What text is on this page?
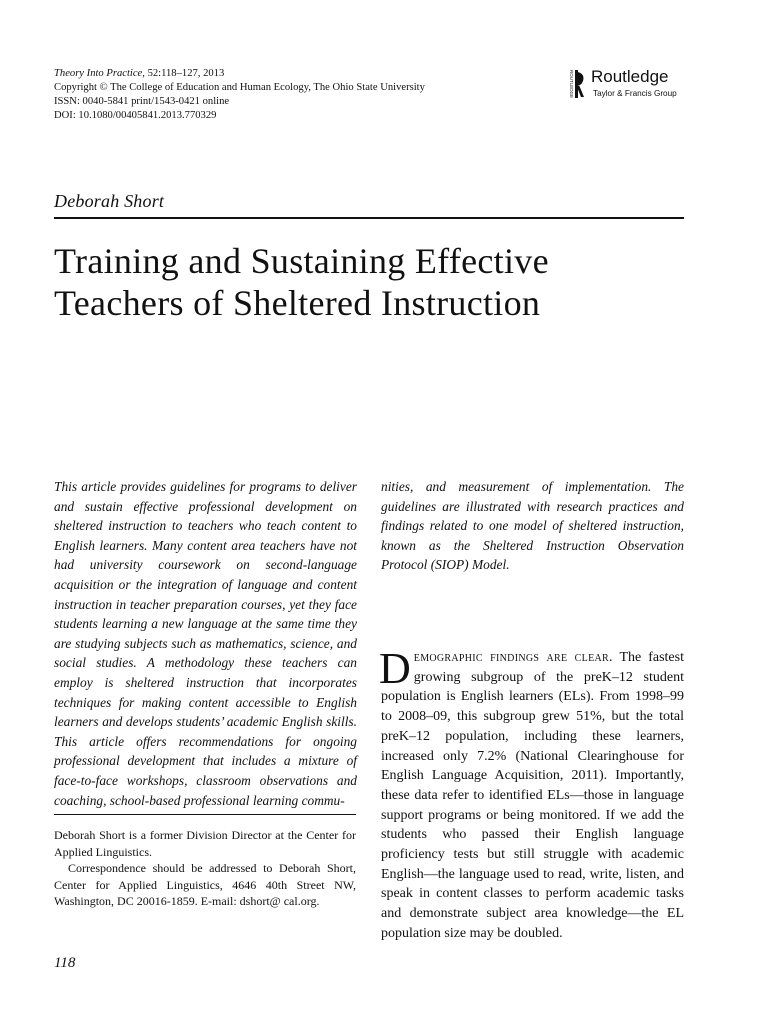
Theory Into Practice, 52:118–127, 2013
Copyright © The College of Education and Human Ecology, The Ohio State University
ISSN: 0040-5841 print/1543-0421 online
DOI: 10.1080/00405841.2013.770329
ROUTLEDGE Routledge
Taylor & Francis Group
Deborah Short
Training and Sustaining Effective
Teachers of Sheltered Instruction

This article provides guidelines for programs to deliver and sustain effective professional development on sheltered instruction to teachers who teach content to English learners. Many content area teachers have not had university coursework on second-language acquisition or the integration of language and content instruction in teacher preparation courses, yet they face students learning a new language at the same time they are studying subjects such as mathematics, science, and social studies. A methodology these teachers can employ is sheltered instruction that incorporates techniques for making content accessible to English learners and develops students’ academic English skills. This article offers recommendations for ongoing professional development that includes a mixture of face-to-face workshops, classroom observations and coaching, school-based professional learning commu-

nities, and measurement of implementation. The guidelines are illustrated with research practices and findings related to one model of sheltered instruction, known as the Sheltered Instruction Observation Protocol (SIOP) Model.

Demographic findings are clear. The fastest growing subgroup of the preK–12 student population is English learners (ELs). From 1998–99 to 2008–09, this subgroup grew 51%, but the total preK–12 population, including these learners, increased only 7.2% (National Clearinghouse for English Language Acquisition, 2011). Importantly, these data refer to identified ELs—those in language support programs or being monitored. If we add the students who passed their English language proficiency tests but still struggle with academic English—the language used to read, write, listen, and speak in content classes to perform academic tasks and demonstrate subject area knowledge—the EL population size may be doubled.

Deborah Short is a former Division Director at the Center for Applied Linguistics.

Correspondence should be addressed to Deborah Short, Center for Applied Linguistics, 4646 40th Street NW, Washington, DC 20016-1859. E-mail: dshort@ cal.org.

118
